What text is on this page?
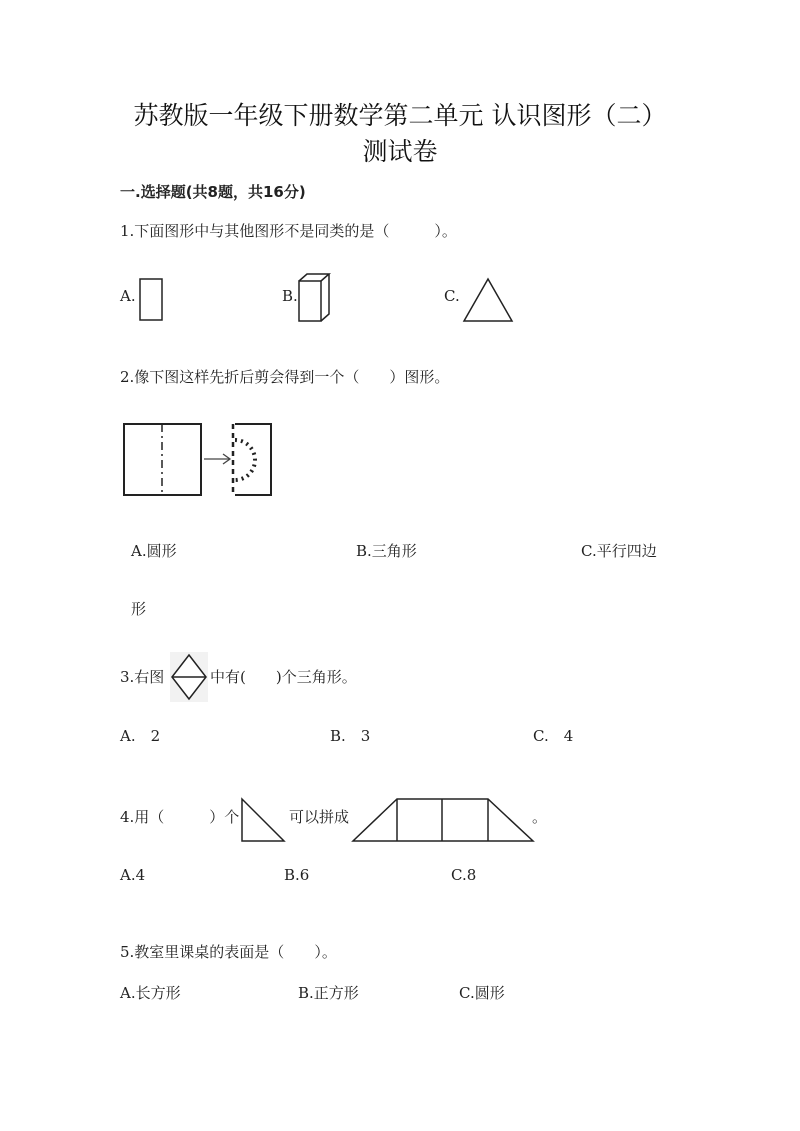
苏教版一年级下册数学第二单元 认识图形（二）
测试卷
一.选择题(共8题，共16分)
1.下面图形中与其他图形不是同类的是（　　　）。
A.	B.	C.
2.像下图这样先折后剪会得到一个（　　）图形。
A.圆形	B.三角形	C.平行四边
形
3.右图	中有(　　)个三角形。
A.　2	B.　3	C.　4
4.用（　　　）个	可以拼成	。
A.4	B.6	C.8
5.教室里课桌的表面是（　　）。
A.长方形	B.正方形	C.圆形
